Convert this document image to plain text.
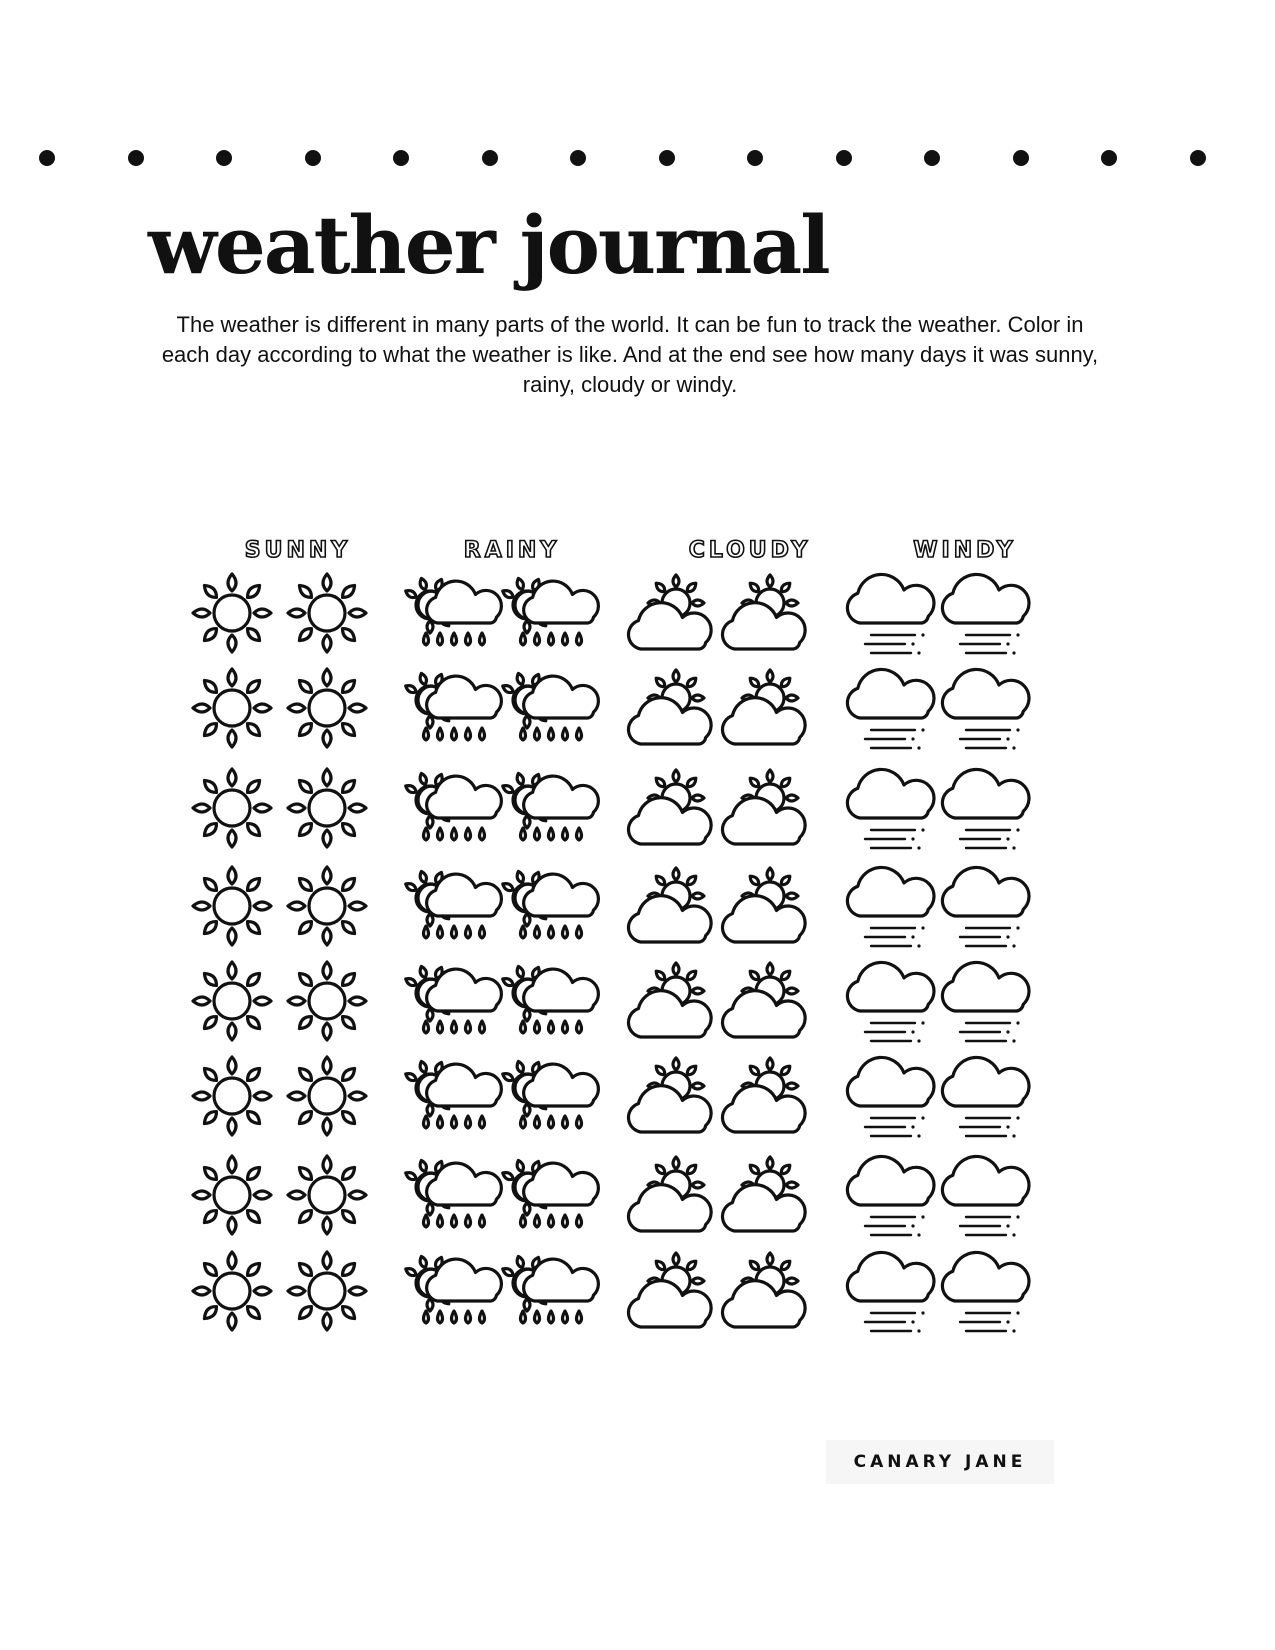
weather journal

The weather is different in many parts of the world. It can be fun to track the weather. Color in each day according to what the weather is like. And at the end see how many days it was sunny, rainy, cloudy or windy.

SUNNY	RAINY	CLOUDY	WINDY
CANARY JANE
